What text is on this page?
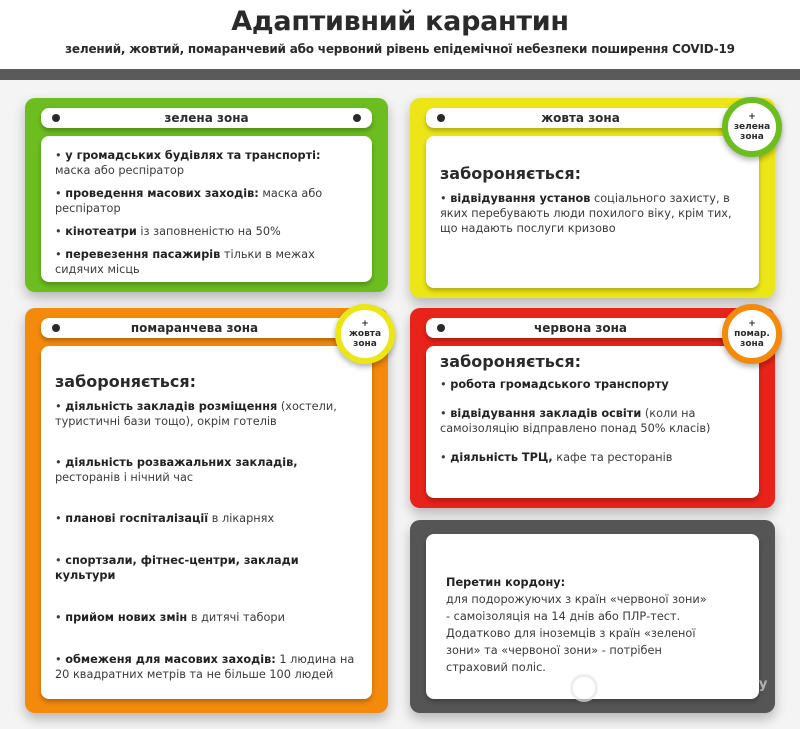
Адаптивний карантин
зелений, жовтий, помаранчевий або червоний рівень епідемічної небезпеки поширення COVID-19
зелена зона
• у громадських будівлях та транспорті: маска або респіратор
• проведення масових заходів: маска або респіратор
• кінотеатри із заповненістю на 50%
• перевезення пасажирів тільки в межах сидячих місць
жовта зона
забороняється:
• відвідування установ соціального захисту, в яких перебувають люди похилого віку, крім тих, що надають послуги кризово
+
зелена
зона
помаранчева зона
забороняється:
• діяльність закладів розміщення (хостели, туристичні бази тощо), окрім готелів
• діяльність розважальних закладів, ресторанів і нічний час
• планові госпіталізації в лікарнях
• спортзали, фітнес-центри, заклади культури
• прийом нових змін в дитячі табори
• обмеженя для масових заходів: 1 людина на 20 квадратних метрів та не більше 100 людей
+
жовта
зона
червона зона
забороняється:
• робота громадського транспорту
• відвідування закладів освіти (коли на самоізоляцію відправлено понад 50% класів)
• діяльність ТРЦ, кафе та ресторанів
+
помар.
зона
Перетин кордону:
для подорожуючих з країн «червоної зони»
- самоізоляція на 14 днів або ПЛР-тест.
Додатково для іноземців з країн «зеленої
зони» та «червоної зони» - потрібен
страховий поліс.
OBOZREVATEL /getty
